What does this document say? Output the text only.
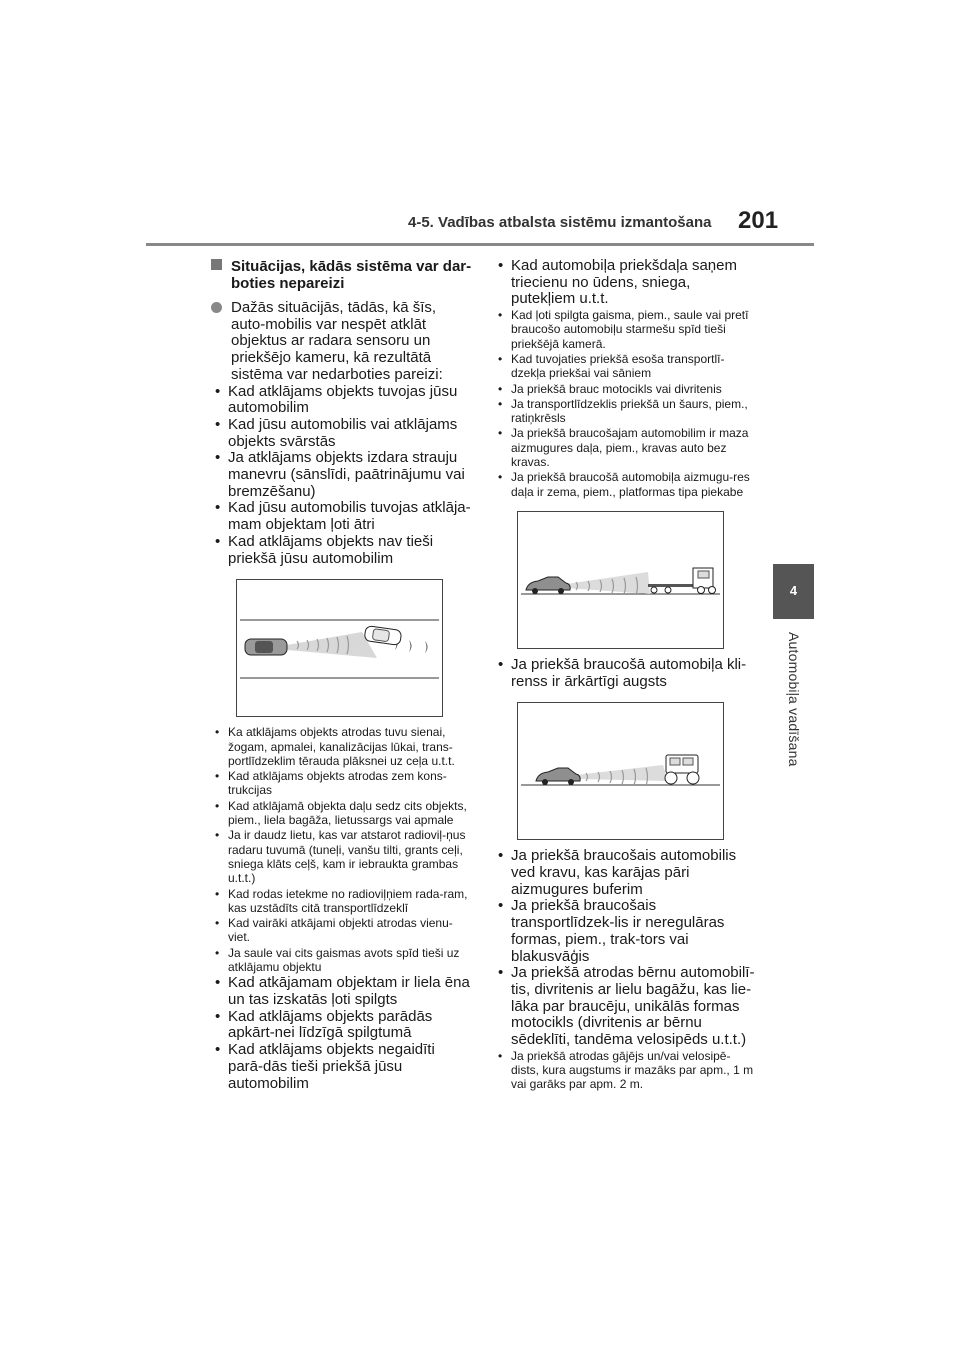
4-5. Vadības atbalsta sistēmu izmantošana 201
4
Automobiļa vadīšana
Situācijas, kādās sistēma var dar-boties nepareizi
Dažās situācijās, tādās, kā šīs, auto-mobilis var nespēt atklāt objektus ar radara sensoru un priekšējo kameru, kā rezultātā sistēma var nedarboties pareizi:
• Kad atklājams objekts tuvojas jūsu automobilim
• Kad jūsu automobilis vai atklājams objekts svārstās
• Ja atklājams objekts izdara strauju manevru (sānslīdi, paātrinājumu vai bremzēšanu)
• Kad jūsu automobilis tuvojas atklāja-mam objektam ļoti ātri
• Kad atklājams objekts nav tieši priekšā jūsu automobilim
• Ka atklājams objekts atrodas tuvu sienai, žogam, apmalei, kanalizācijas lūkai, trans-portlīdzeklim tērauda plāksnei uz ceļa u.t.t.
• Kad atklājams objekts atrodas zem kons-trukcijas
• Kad atklājamā objekta daļu sedz cits objekts, piem., liela bagāža, lietussargs vai apmale
• Ja ir daudz lietu, kas var atstarot radioviļ-ņus radaru tuvumā (tuneļi, vanšu tilti, grants ceļi, sniega klāts ceļš, kam ir iebraukta grambas u.t.t.)
• Kad rodas ietekme no radioviļņiem rada-ram, kas uzstādīts citā transportlīdzeklī
• Kad vairāki atkājami objekti atrodas vienu-viet.
• Ja saule vai cits gaismas avots spīd tieši uz atklājamu objektu
• Kad atkājamam objektam ir liela ēna un tas izskatās ļoti spilgts
• Kad atklājams objekts parādās apkārt-nei līdzīgā spilgtumā
• Kad atklājams objekts negaidīti parā-dās tieši priekšā jūsu automobilim
• Kad automobiļa priekšdaļa saņem triecienu no ūdens, sniega, putekļiem u.t.t.
• Kad ļoti spilgta gaisma, piem., saule vai pretī braucošo automobiļu starmešu spīd tieši priekšējā kamerā.
• Kad tuvojaties priekšā esoša transportlī-dzekļa priekšai vai sāniem
• Ja priekšā brauc motocikls vai divritenis
• Ja transportlīdzeklis priekšā un šaurs, piem., ratiņkrēsls
• Ja priekšā braucošajam automobilim ir maza aizmugures daļa, piem., kravas auto bez kravas.
• Ja priekšā braucošā automobiļa aizmugu-res daļa ir zema, piem., platformas tipa piekabe
• Ja priekšā braucošā automobiļa kli-renss ir ārkārtīgi augsts
• Ja priekšā braucošais automobilis ved kravu, kas karājas pāri aizmugures buferim
• Ja priekšā braucošais transportlīdzek-lis ir neregulāras formas, piem., trak-tors vai blakusvāģis
• Ja priekšā atrodas bērnu automobilī-tis, divritenis ar lielu bagāžu, kas lie-lāka par braucēju, unikālās formas motocikls (divritenis ar bērnu sēdeklīti, tandēma velosipēds u.t.t.)
• Ja priekšā atrodas gājējs un/vai velosipē-dists, kura augstums ir mazāks par apm., 1 m vai garāks par apm. 2 m.
